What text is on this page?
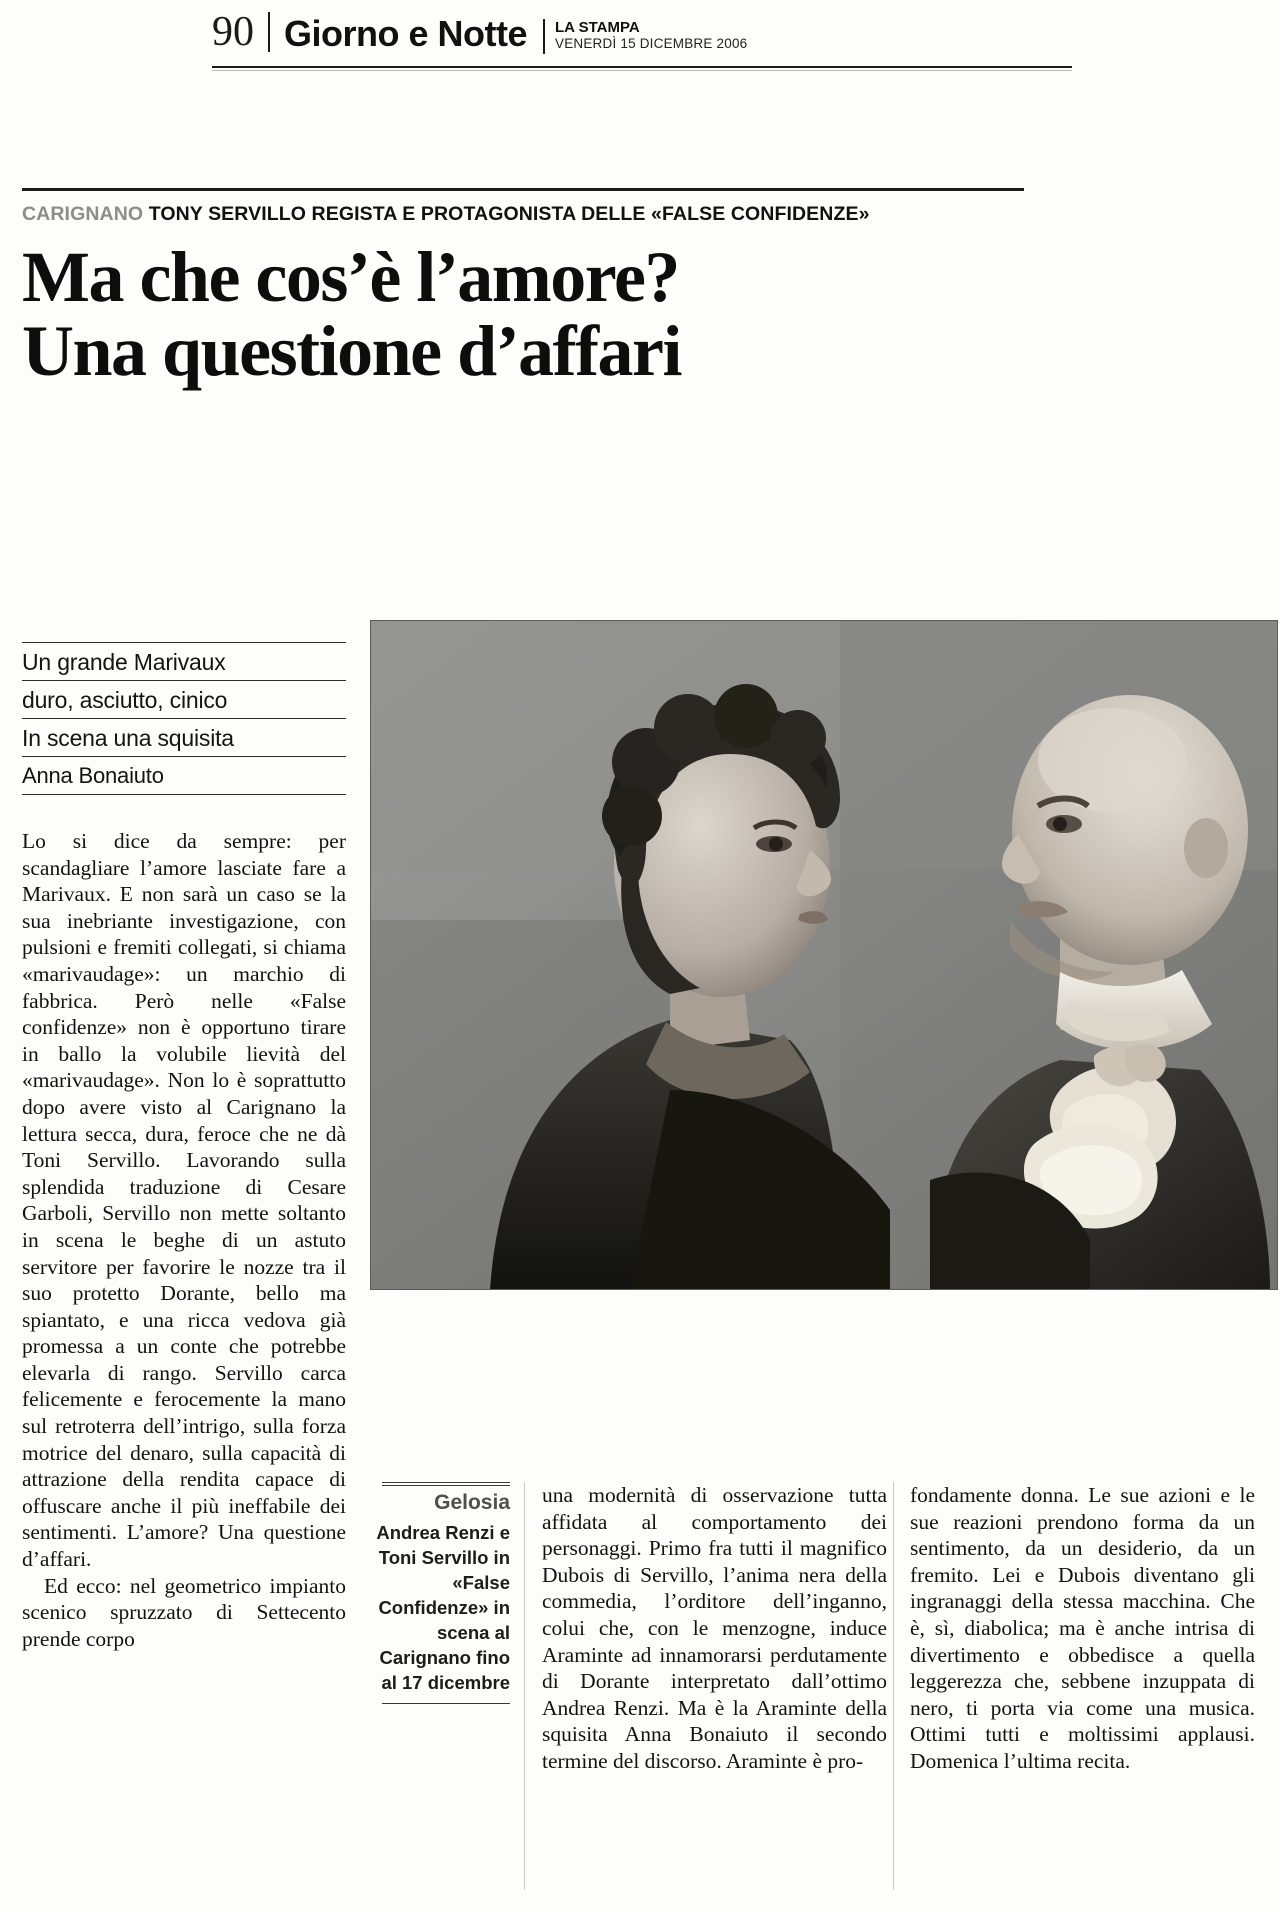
90 Giorno e Notte	LA STAMPA
VENERDÌ 15 DICEMBRE 2006
CARIGNANO TONY SERVILLO REGISTA E PROTAGONISTA DELLE «FALSE CONFIDENZE»
Ma che cos’è l’amore?
Una questione d’affari
Un grande Marivaux
duro, asciutto, cinico
In scena una squisita
Anna Bonaiuto
Gelosia
Andrea Renzi e Toni Servillo in «False Confidenze» in scena al Carignano fino al 17 dicembre

Lo si dice da sempre: per scandagliare l’amore lasciate fare a Marivaux. E non sarà un caso se la sua inebriante investigazione, con pulsioni e fremiti collegati, si chiama «marivaudage»: un marchio di fabbrica. Però nelle «False confidenze» non è opportuno tirare in ballo la volubile lievità del «marivaudage». Non lo è soprattutto dopo avere visto al Carignano la lettura secca, dura, feroce che ne dà Toni Servillo. Lavorando sulla splendida traduzione di Cesare Garboli, Servillo non mette soltanto in scena le beghe di un astuto servitore per favorire le nozze tra il suo protetto Dorante, bello ma spiantato, e una ricca vedova già promessa a un conte che potrebbe elevarla di rango. Servillo carca felicemente e ferocemente la mano sul retroterra dell’intrigo, sulla forza motrice del denaro, sulla capacità di attrazione della rendita capace di offuscare anche il più ineffabile dei sentimenti. L’amore? Una questione d’affari.

Ed ecco: nel geometrico impianto scenico spruzzato di Settecento prende corpo

una modernità di osservazione tutta affidata al comportamento dei personaggi. Primo fra tutti il magnifico Dubois di Servillo, l’anima nera della commedia, l’orditore dell’inganno, colui che, con le menzogne, induce Araminte ad innamorarsi perdutamente di Dorante interpretato dall’ottimo Andrea Renzi. Ma è la Araminte della squisita Anna Bonaiuto il secondo termine del discorso. Araminte è pro-

fondamente donna. Le sue azioni e le sue reazioni prendono forma da un sentimento, da un desiderio, da un fremito. Lei e Dubois diventano gli ingranaggi della stessa macchina. Che è, sì, diabolica; ma è anche intrisa di divertimento e obbedisce a quella leggerezza che, sebbene inzuppata di nero, ti porta via come una musica. Ottimi tutti e moltissimi applausi. Domenica l’ultima recita.
